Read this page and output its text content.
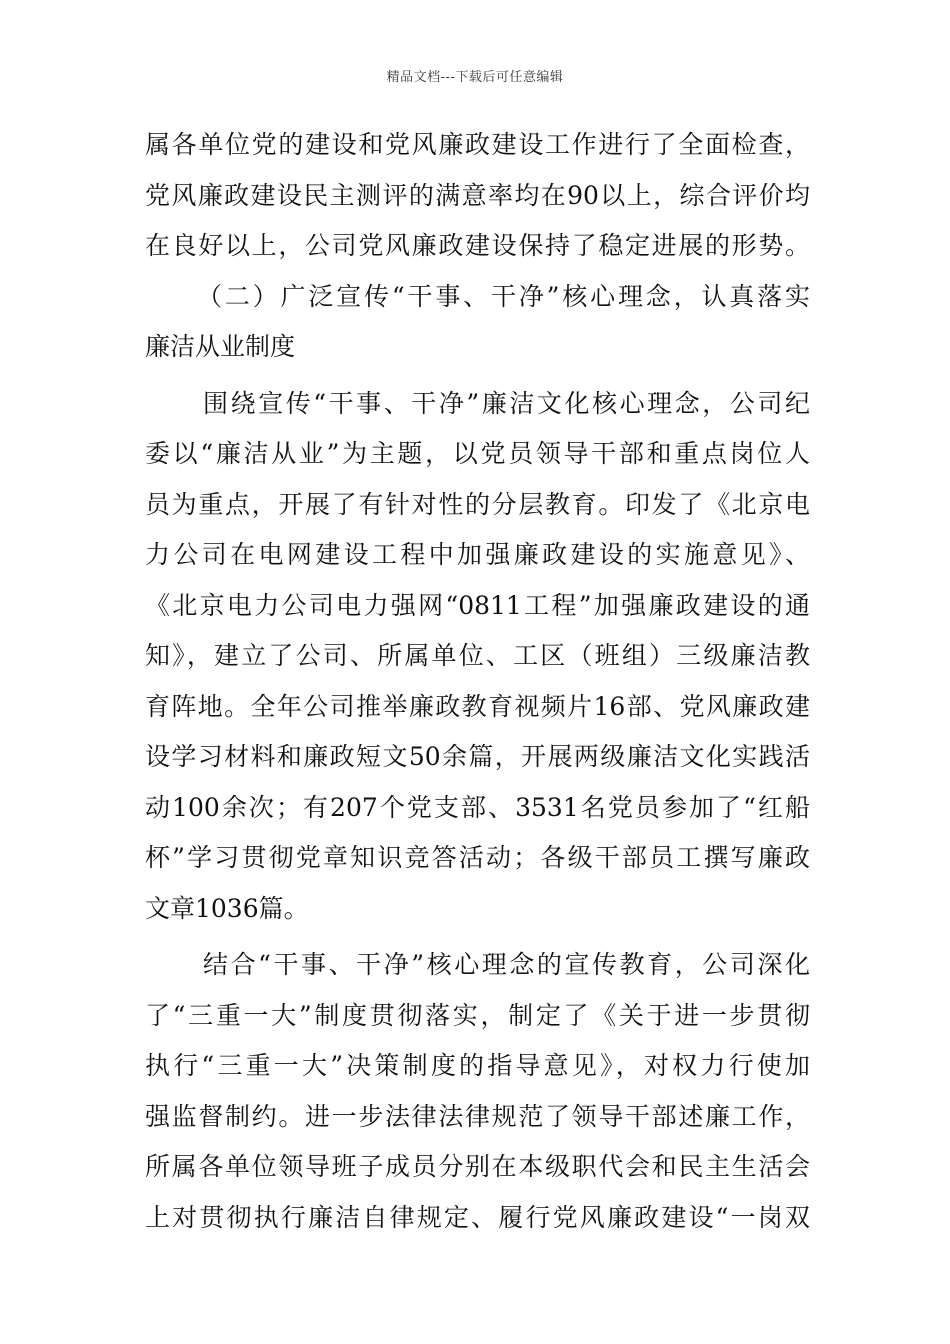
精品文档---下载后可任意编辑
属各单位党的建设和党风廉政建设工作进行了全面检查，
党风廉政建设民主测评的满意率均在90以上，综合评价均
在良好以上，公司党风廉政建设保持了稳定进展的形势。
（二）广泛宣传“干事、干净”核心理念，认真落实
廉洁从业制度
围绕宣传“干事、干净”廉洁文化核心理念，公司纪
委以“廉洁从业”为主题，以党员领导干部和重点岗位人
员为重点，开展了有针对性的分层教育。印发了《北京电
力公司在电网建设工程中加强廉政建设的实施意见》、
《北京电力公司电力强网“0811工程”加强廉政建设的通
知》，建立了公司、所属单位、工区（班组）三级廉洁教
育阵地。全年公司推举廉政教育视频片16部、党风廉政建
设学习材料和廉政短文50余篇，开展两级廉洁文化实践活
动100余次；有207个党支部、3531名党员参加了“红船
杯”学习贯彻党章知识竞答活动；各级干部员工撰写廉政
文章1036篇。
结合“干事、干净”核心理念的宣传教育，公司深化
了“三重一大”制度贯彻落实，制定了《关于进一步贯彻
执行“三重一大”决策制度的指导意见》，对权力行使加
强监督制约。进一步法律法律规范了领导干部述廉工作，
所属各单位领导班子成员分别在本级职代会和民主生活会
上对贯彻执行廉洁自律规定、履行党风廉政建设“一岗双
